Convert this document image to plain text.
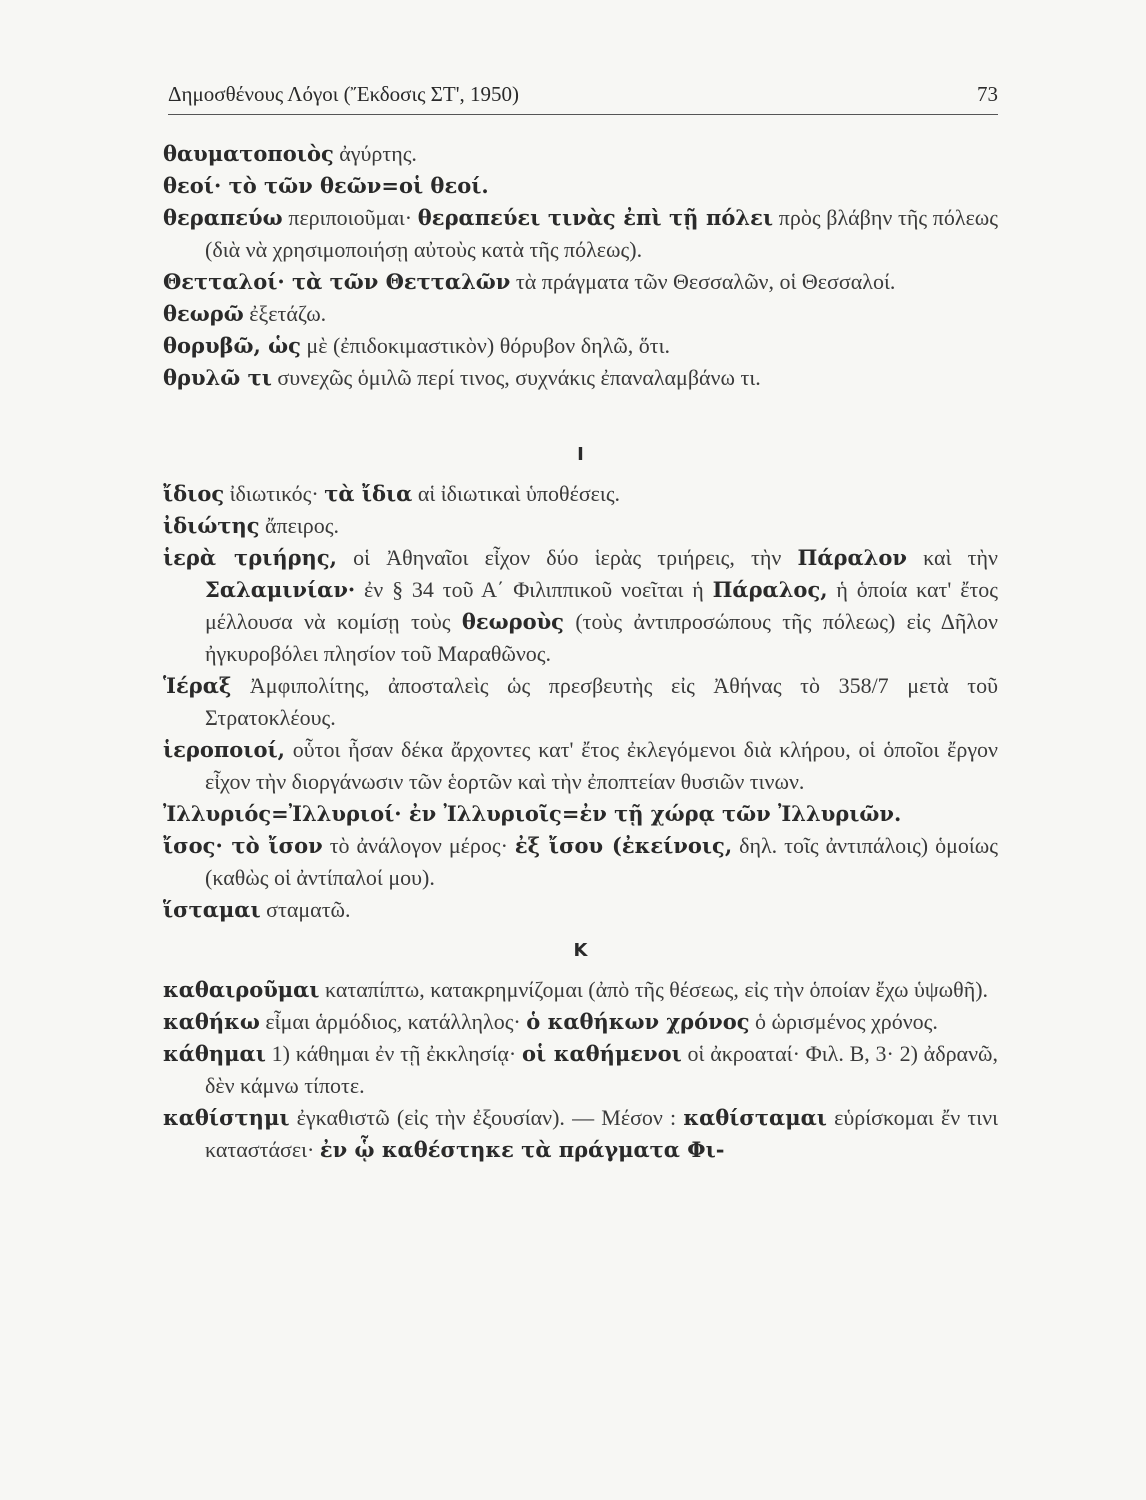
Δημοσθένους Λόγοι (Ἔκδοσις ΣΤ', 1950)	73
θαυματοποιὸς ἀγύρτης.
θεοί· τὸ τῶν θεῶν=οἱ θεοί.
θεραπεύω περιποιοῦμαι· θεραπεύει τινὰς ἐπὶ τῇ πόλει πρὸς βλάβην τῆς πόλεως (διὰ νὰ χρησιμοποιήσῃ αὐτοὺς κατὰ τῆς πόλεως).
Θετταλοί· τὰ τῶν Θετταλῶν τὰ πράγματα τῶν Θεσσαλῶν, οἱ Θεσσαλοί.
θεωρῶ ἐξετάζω.
θορυβῶ, ὡς μὲ (ἐπιδοκιμαστικὸν) θόρυβον δηλῶ, ὅτι.
θρυλῶ τι συνεχῶς ὁμιλῶ περί τινος, συχνάκις ἐπαναλαμβάνω τι.
Ι
ἴδιος ἰδιωτικός· τὰ ἴδια αἱ ἰδιωτικαὶ ὑποθέσεις.
ἰδιώτης ἄπειρος.
ἱερὰ τριήρης, οἱ Ἀθηναῖοι εἶχον δύο ἱερὰς τριήρεις, τὴν Πάραλον καὶ τὴν Σαλαμινίαν· ἐν § 34 τοῦ Α΄ Φιλιππικοῦ νοεῖται ἡ Πάραλος, ἡ ὁποία κατ' ἔτος μέλλουσα νὰ κομίσῃ τοὺς θεωροὺς (τοὺς ἀντιπροσώπους τῆς πόλεως) εἰς Δῆλον ἠγκυροβόλει πλησίον τοῦ Μαραθῶνος.
Ἱέραξ Ἀμφιπολίτης, ἀποσταλεὶς ὡς πρεσβευτὴς εἰς Ἀθήνας τὸ 358/7 μετὰ τοῦ Στρατοκλέους.
ἱεροποιοί, οὗτοι ἦσαν δέκα ἄρχοντες κατ' ἔτος ἐκλεγόμενοι διὰ κλήρου, οἱ ὁποῖοι ἔργον εἶχον τὴν διοργάνωσιν τῶν ἑορτῶν καὶ τὴν ἐποπτείαν θυσιῶν τινων.
Ἰλλυριός=Ἰλλυριοί· ἐν Ἰλλυριοῖς=ἐν τῇ χώρᾳ τῶν Ἰλλυριῶν.
ἴσος· τὸ ἴσον τὸ ἀνάλογον μέρος· ἐξ ἴσου (ἐκείνοις, δηλ. τοῖς ἀντιπάλοις) ὁμοίως (καθὼς οἱ ἀντίπαλοί μου).
ἵσταμαι σταματῶ.
Κ
καθαιροῦμαι καταπίπτω, κατακρημνίζομαι (ἀπὸ τῆς θέσεως, εἰς τὴν ὁποίαν ἔχω ὑψωθῆ).
καθήκω εἶμαι ἁρμόδιος, κατάλληλος· ὁ καθήκων χρόνος ὁ ὡρισμένος χρόνος.
κάθημαι 1) κάθημαι ἐν τῇ ἐκκλησίᾳ· οἱ καθήμενοι οἱ ἀκροαταί· Φιλ. Β, 3· 2) ἀδρανῶ, δὲν κάμνω τίποτε.
καθίστημι ἐγκαθιστῶ (εἰς τὴν ἐξουσίαν). — Μέσον : καθίσταμαι εὑρίσκομαι ἔν τινι καταστάσει· ἐν ᾧ καθέστηκε τὰ πράγματα Φι-
